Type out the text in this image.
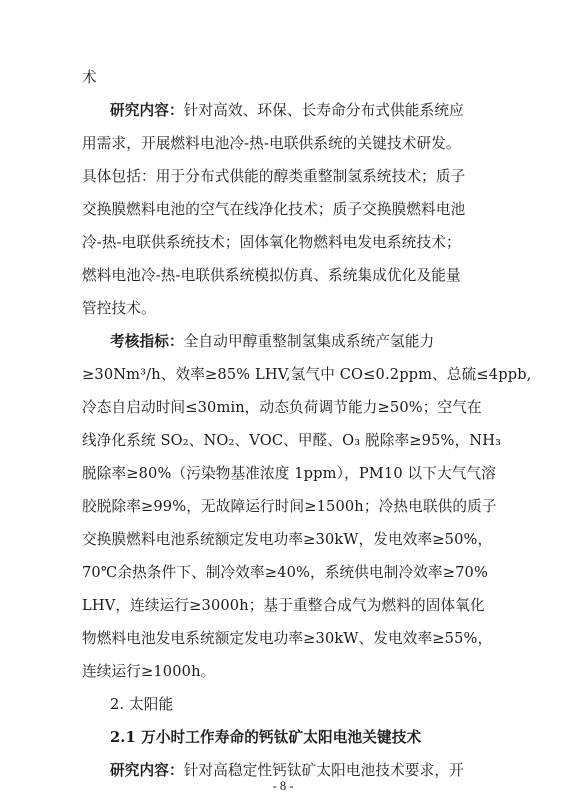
术
研究内容：针对高效、环保、长寿命分布式供能系统应
用需求，开展燃料电池冷-热-电联供系统的关键技术研发。
具体包括：用于分布式供能的醇类重整制氢系统技术；质子
交换膜燃料电池的空气在线净化技术；质子交换膜燃料电池
冷-热-电联供系统技术；固体氧化物燃料电发电系统技术；
燃料电池冷-热-电联供系统模拟仿真、系统集成优化及能量
管控技术。
考核指标：全自动甲醇重整制氢集成系统产氢能力
≥30Nm³/h、效率≥85% LHV,氢气中 CO≤0.2ppm、总硫≤4ppb,
冷态自启动时间≤30min，动态负荷调节能力≥50%；空气在
线净化系统 SO₂、NO₂、VOC、甲醛、O₃ 脱除率≥95%，NH₃
脱除率≥80%（污染物基准浓度 1ppm），PM10 以下大气气溶
胶脱除率≥99%，无故障运行时间≥1500h；冷热电联供的质子
交换膜燃料电池系统额定发电功率≥30kW，发电效率≥50%，
70℃余热条件下、制冷效率≥40%，系统供电制冷效率≥70%
LHV，连续运行≥3000h；基于重整合成气为燃料的固体氧化
物燃料电池发电系统额定发电功率≥30kW、发电效率≥55%，
连续运行≥1000h。
2. 太阳能
2.1 万小时工作寿命的钙钛矿太阳电池关键技术
研究内容：针对高稳定性钙钛矿太阳电池技术要求，开
- 8 -
